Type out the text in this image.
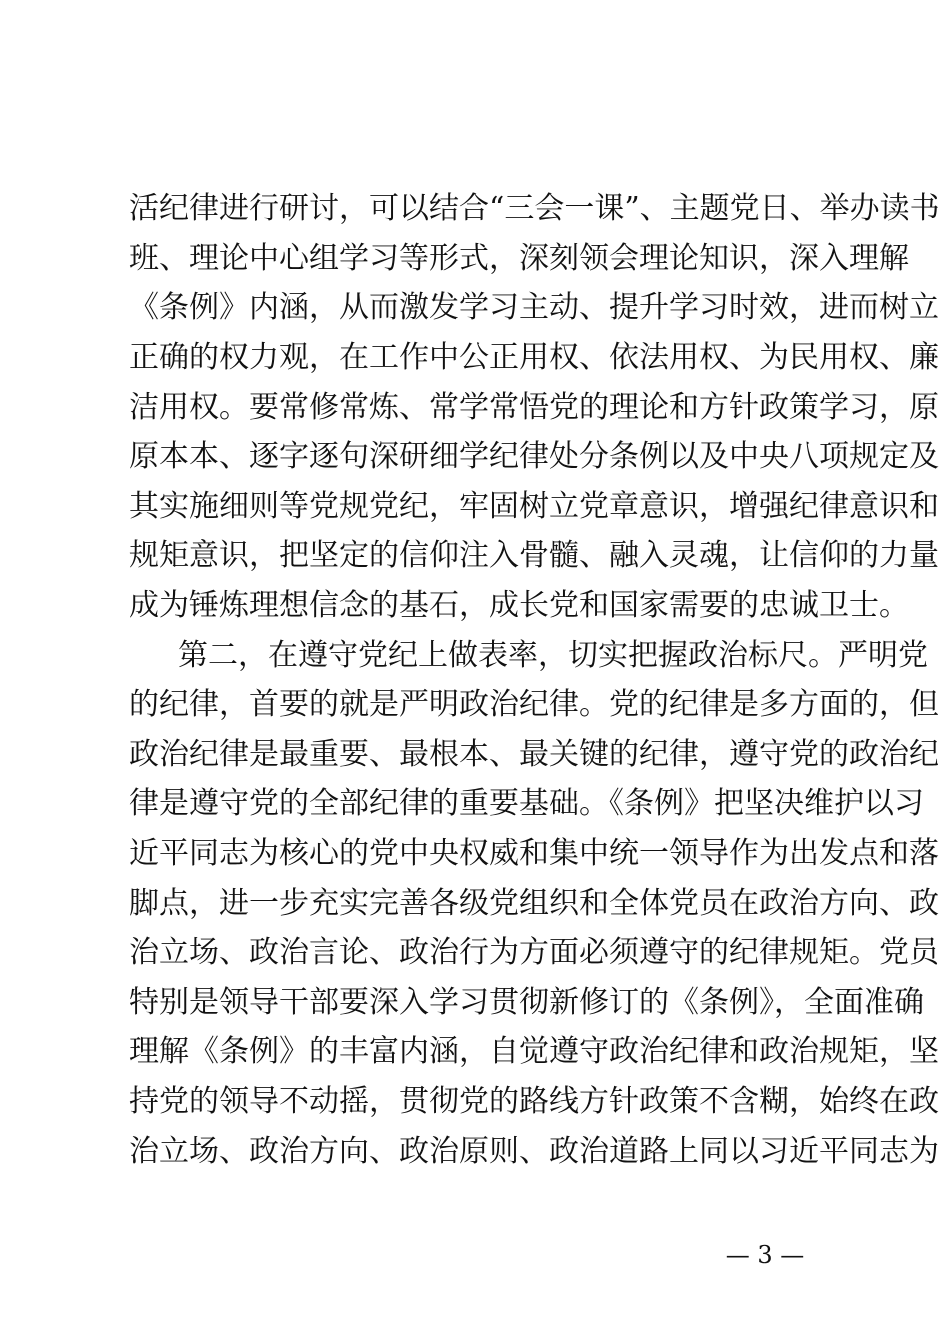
活纪律进行研讨，可以结合“三会一课”、主题党日、举办读书
班、理论中心组学习等形式，深刻领会理论知识，深入理解
《条例》内涵，从而激发学习主动、提升学习时效，进而树立
正确的权力观，在工作中公正用权、依法用权、为民用权、廉
洁用权。要常修常炼、常学常悟党的理论和方针政策学习，原
原本本、逐字逐句深研细学纪律处分条例以及中央八项规定及
其实施细则等党规党纪，牢固树立党章意识，增强纪律意识和
规矩意识，把坚定的信仰注入骨髓、融入灵魂，让信仰的力量
成为锤炼理想信念的基石，成长党和国家需要的忠诚卫士。
第二，在遵守党纪上做表率，切实把握政治标尺。严明党
的纪律，首要的就是严明政治纪律。党的纪律是多方面的，但
政治纪律是最重要、最根本、最关键的纪律，遵守党的政治纪
律是遵守党的全部纪律的重要基础。《条例》把坚决维护以习
近平同志为核心的党中央权威和集中统一领导作为出发点和落
脚点，进一步充实完善各级党组织和全体党员在政治方向、政
治立场、政治言论、政治行为方面必须遵守的纪律规矩。党员
特别是领导干部要深入学习贯彻新修订的《条例》，全面准确
理解《条例》的丰富内涵，自觉遵守政治纪律和政治规矩，坚
持党的领导不动摇，贯彻党的路线方针政策不含糊，始终在政
治立场、政治方向、政治原则、政治道路上同以习近平同志为
— 3 —
